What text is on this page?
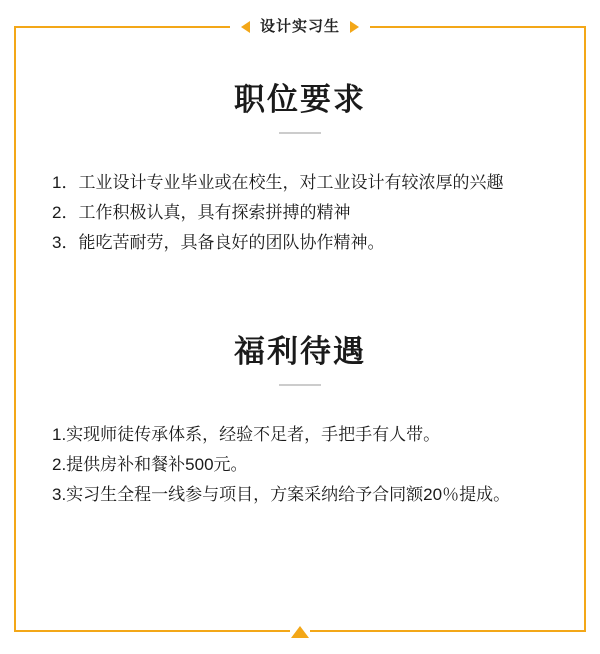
设计实习生
职位要求
1．工业设计专业毕业或在校生，对工业设计有较浓厚的兴趣
2．工作积极认真，具有探索拼搏的精神
3．能吃苦耐劳，具备良好的团队协作精神。
福利待遇
1.实现师徒传承体系，经验不足者，手把手有人带。
2.提供房补和餐补500元。
3.实习生全程一线参与项目，方案采纳给予合同额20％提成。
